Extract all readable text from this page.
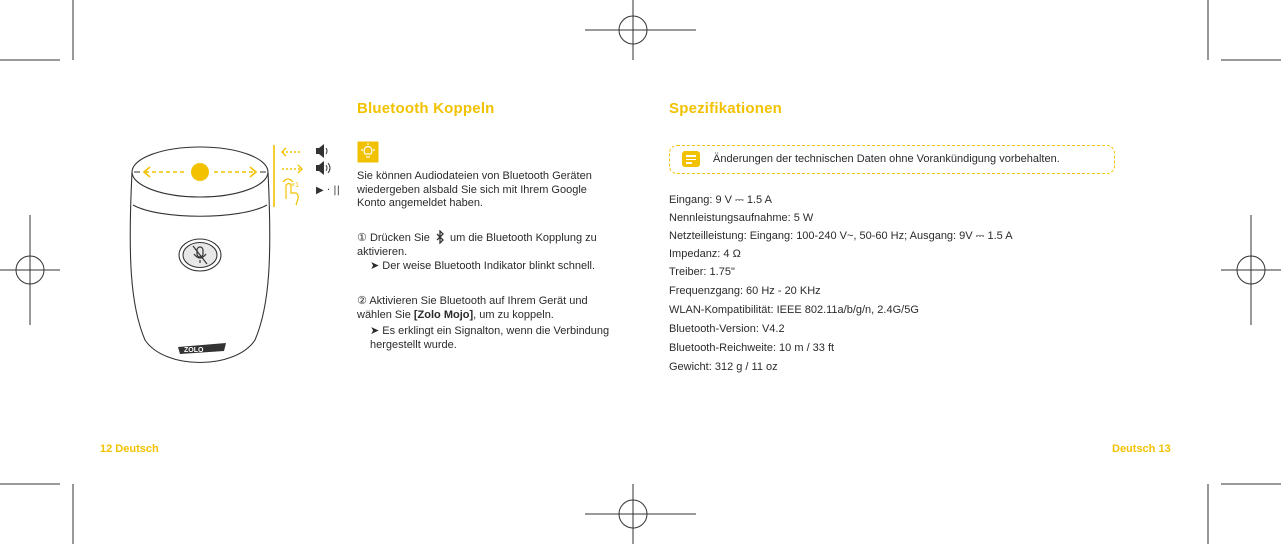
ZOLO
×1 ▶ · ||
Bluetooth Koppeln
Sie können Audiodateien von Bluetooth Geräten wiedergeben alsbald Sie sich mit Ihrem Google Konto angemeldet haben.
① Drücken Sie um die Bluetooth Kopplung zu aktivieren.
➤ Der weise Bluetooth Indikator blinkt schnell.
② Aktivieren Sie Bluetooth auf Ihrem Gerät und wählen Sie [Zolo Mojo], um zu koppeln.
➤ Es erklingt ein Signalton, wenn die Verbindung hergestellt wurde.
12 Deutsch
Spezifikationen
Änderungen der technischen Daten ohne Vorankündigung vorbehalten.
Eingang: 9 V ⎓ 1.5 A
Nennleistungsaufnahme: 5 W
Netzteilleistung: Eingang: 100-240 V~, 50-60 Hz; Ausgang: 9V ⎓ 1.5 A
Impedanz: 4 Ω
Treiber: 1.75"
Frequenzgang: 60 Hz - 20 KHz
WLAN-Kompatibilität: IEEE 802.11a/b/g/n, 2.4G/5G
Bluetooth-Version: V4.2
Bluetooth-Reichweite: 10 m / 33 ft
Gewicht: 312 g / 11 oz
Deutsch 13
